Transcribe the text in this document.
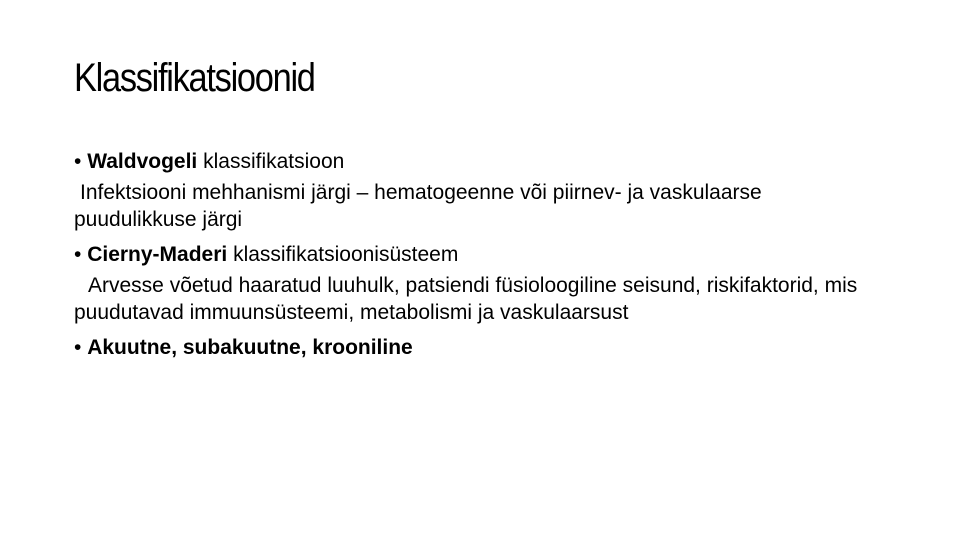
Klassifikatsioonid

• Waldvogeli klassifikatsioon

Infektsiooni mehhanismi järgi – hematogeenne või piirnev- ja vaskulaarse puudulikkuse järgi

• Cierny-Maderi klassifikatsioonisüsteem

Arvesse võetud haaratud luuhulk, patsiendi füsioloogiline seisund, riskifaktorid, mis puudutavad immuunsüsteemi, metabolismi ja vaskulaarsust

• Akuutne, subakuutne, krooniline
